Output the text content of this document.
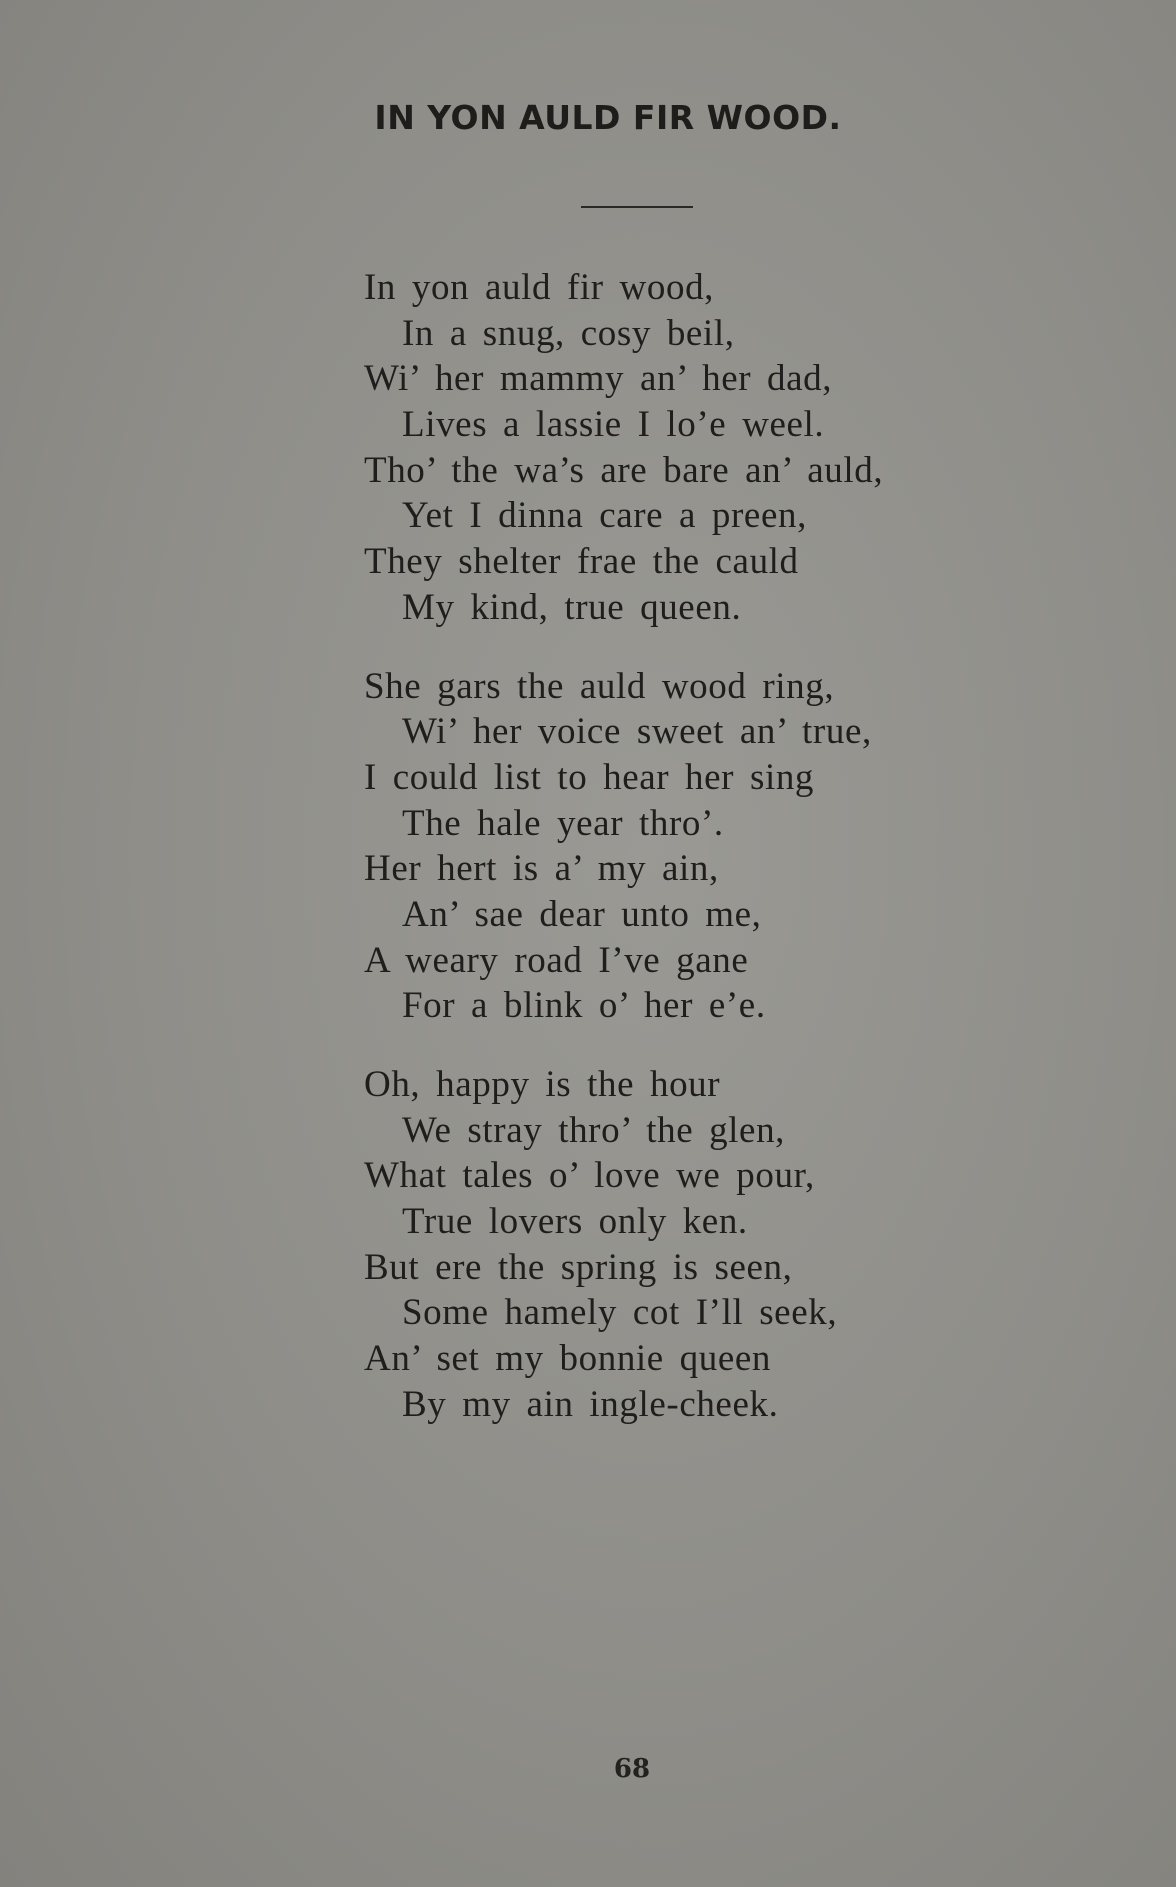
IN YON AULD FIR WOOD.
In yon auld fir wood,
In a snug, cosy beil,
Wi’ her mammy an’ her dad,
Lives a lassie I lo’e weel.
Tho’ the wa’s are bare an’ auld,
Yet I dinna care a preen,
They shelter frae the cauld
My kind, true queen.
She gars the auld wood ring,
Wi’ her voice sweet an’ true,
I could list to hear her sing
The hale year thro’.
Her hert is a’ my ain,
An’ sae dear unto me,
A weary road I’ve gane
For a blink o’ her e’e.
Oh, happy is the hour
We stray thro’ the glen,
What tales o’ love we pour,
True lovers only ken.
But ere the spring is seen,
Some hamely cot I’ll seek,
An’ set my bonnie queen
By my ain ingle-cheek.
68
